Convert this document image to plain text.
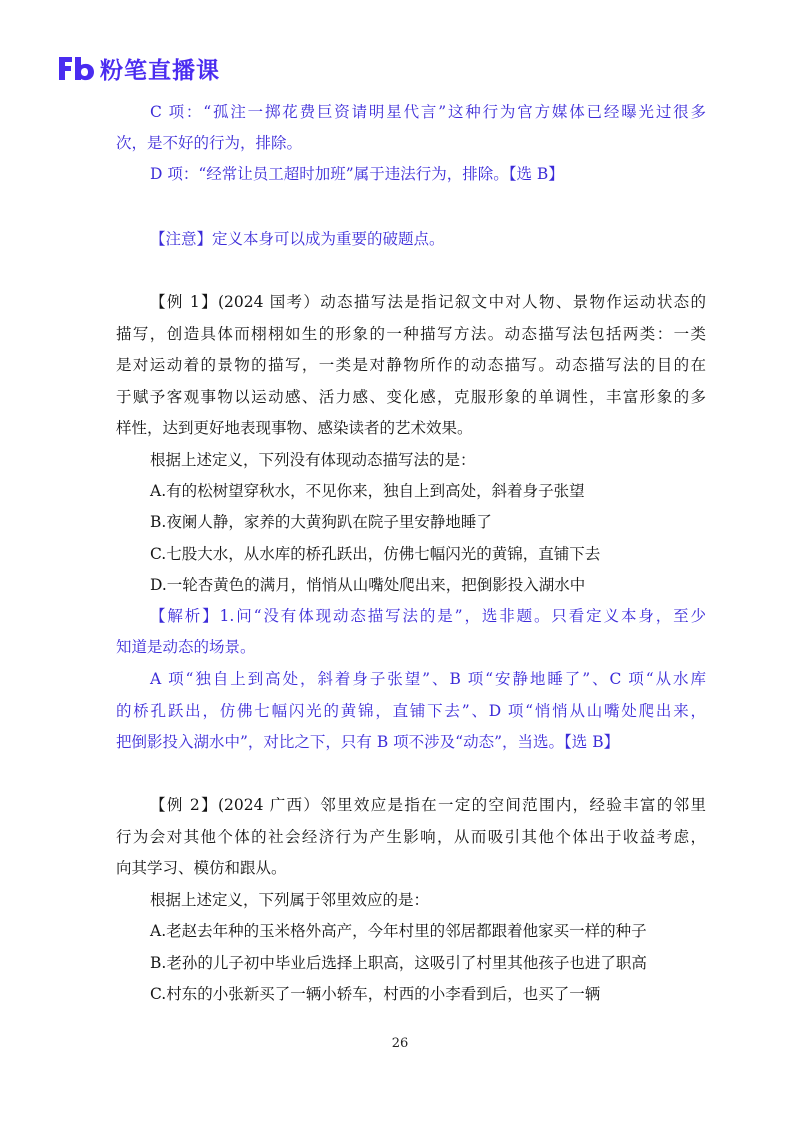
粉笔直播课
C 项：“孤注一掷花费巨资请明星代言”这种行为官方媒体已经曝光过很多
次，是不好的行为，排除。
D 项：“经常让员工超时加班”属于违法行为，排除。【选 B】
【注意】定义本身可以成为重要的破题点。
【例 1】(2024 国考）动态描写法是指记叙文中对人物、景物作运动状态的
描写，创造具体而栩栩如生的形象的一种描写方法。动态描写法包括两类：一类
是对运动着的景物的描写，一类是对静物所作的动态描写。动态描写法的目的在
于赋予客观事物以运动感、活力感、变化感，克服形象的单调性，丰富形象的多
样性，达到更好地表现事物、感染读者的艺术效果。
根据上述定义，下列没有体现动态描写法的是：
A.有的松树望穿秋水，不见你来，独自上到高处，斜着身子张望
B.夜阑人静，家养的大黄狗趴在院子里安静地睡了
C.七股大水，从水库的桥孔跃出，仿佛七幅闪光的黄锦，直铺下去
D.一轮杏黄色的满月，悄悄从山嘴处爬出来，把倒影投入湖水中
【解析】1.问“没有体现动态描写法的是”，选非题。只看定义本身，至少
知道是动态的场景。
A 项“独自上到高处，斜着身子张望”、B 项“安静地睡了”、C 项“从水库
的桥孔跃出，仿佛七幅闪光的黄锦，直铺下去”、D 项“悄悄从山嘴处爬出来，
把倒影投入湖水中”，对比之下，只有 B 项不涉及“动态”，当选。【选 B】
【例 2】(2024 广西）邻里效应是指在一定的空间范围内，经验丰富的邻里
行为会对其他个体的社会经济行为产生影响，从而吸引其他个体出于收益考虑，
向其学习、模仿和跟从。
根据上述定义，下列属于邻里效应的是：
A.老赵去年种的玉米格外高产，今年村里的邻居都跟着他家买一样的种子
B.老孙的儿子初中毕业后选择上职高，这吸引了村里其他孩子也进了职高
C.村东的小张新买了一辆小轿车，村西的小李看到后，也买了一辆
26
